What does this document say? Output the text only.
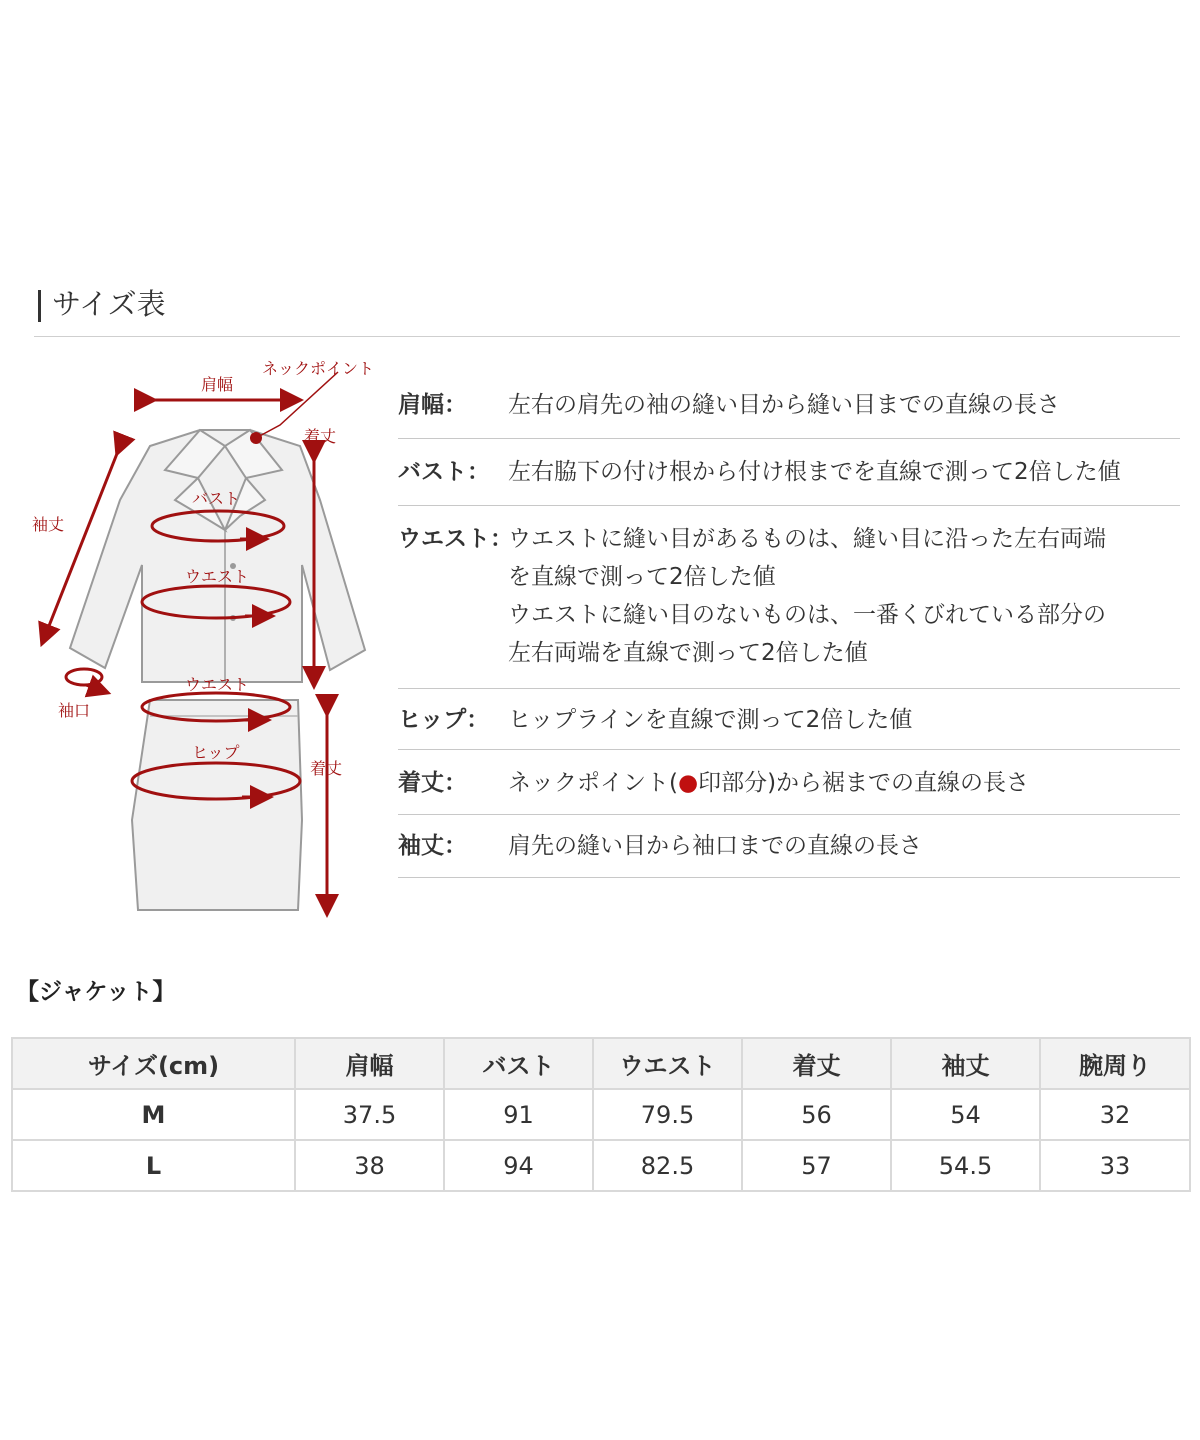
サイズ表
肩幅
ネックポイント
着丈
袖丈
バスト
ウエスト
袖口
ウエスト
ヒップ
着丈
肩幅：	左右の肩先の袖の縫い目から縫い目までの直線の長さ
バスト： 左右脇下の付け根から付け根までを直線で測って2倍した値
ウエスト：
ウエストに縫い目があるものは、縫い目に沿った左右両端
を直線で測って2倍した値
ウエストに縫い目のないものは、一番くびれている部分の
左右両端を直線で測って2倍した値
ヒップ： ヒップラインを直線で測って2倍した値
着丈：	ネックポイント(●印部分)から裾までの直線の長さ
袖丈：	肩先の縫い目から袖口までの直線の長さ
【ジャケット】
サイズ(cm)	肩幅	バスト	ウエスト	着丈	袖丈	腕周り
M	37.5	91	79.5	56	54	32
L	38	94	82.5	57	54.5	33
